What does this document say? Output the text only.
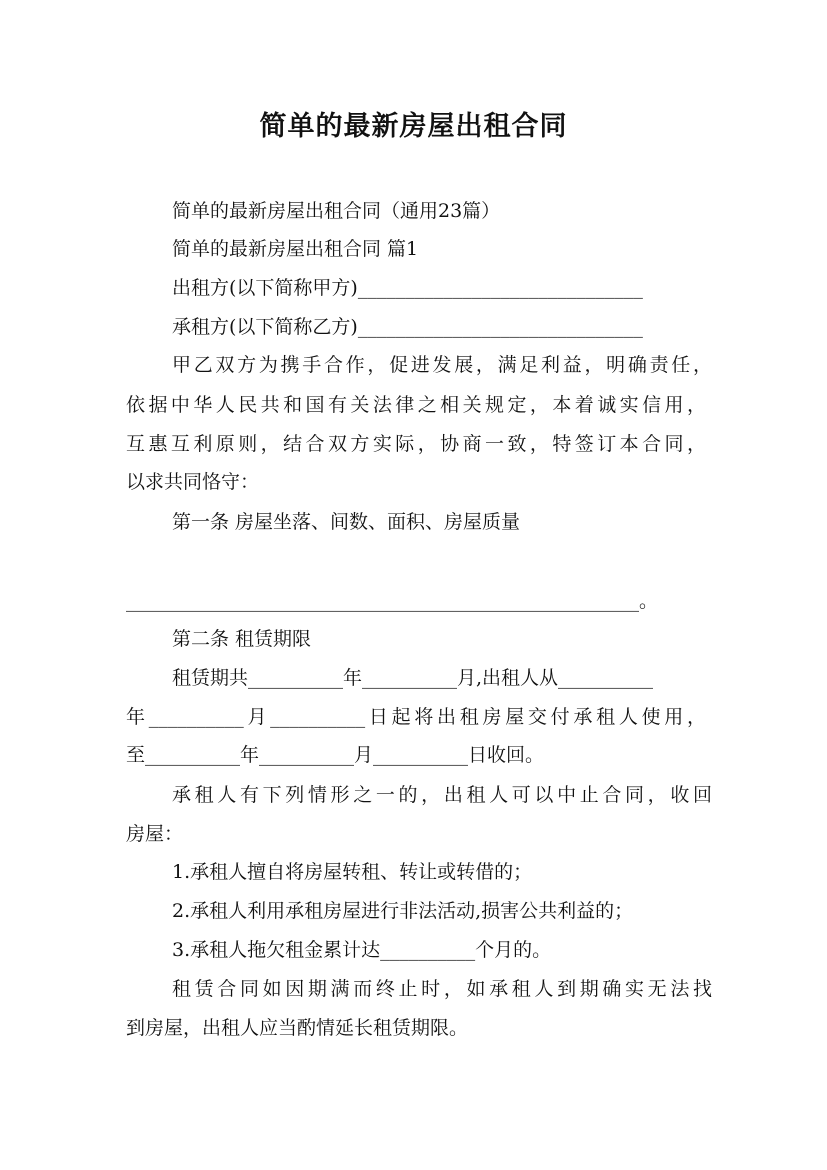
简单的最新房屋出租合同
简单的最新房屋出租合同（通用23篇）
简单的最新房屋出租合同 篇1
出租方(以下简称甲方)______________________________
承租方(以下简称乙方)______________________________
甲乙双方为携手合作，促进发展，满足利益，明确责任，
依据中华人民共和国有关法律之相关规定，本着诚实信用，
互惠互利原则，结合双方实际，协商一致，特签订本合同，
以求共同恪守：
第一条 房屋坐落、间数、面积、房屋质量
______________________________________________________。
第二条 租赁期限
租赁期共__________年__________月,出租人从__________
年__________月__________日起将出租房屋交付承租人使用，
至__________年__________月__________日收回。
承租人有下列情形之一的，出租人可以中止合同，收回
房屋：
1.承租人擅自将房屋转租、转让或转借的；
2.承租人利用承租房屋进行非法活动,损害公共利益的；
3.承租人拖欠租金累计达__________个月的。
租赁合同如因期满而终止时，如承租人到期确实无法找
到房屋，出租人应当酌情延长租赁期限。
